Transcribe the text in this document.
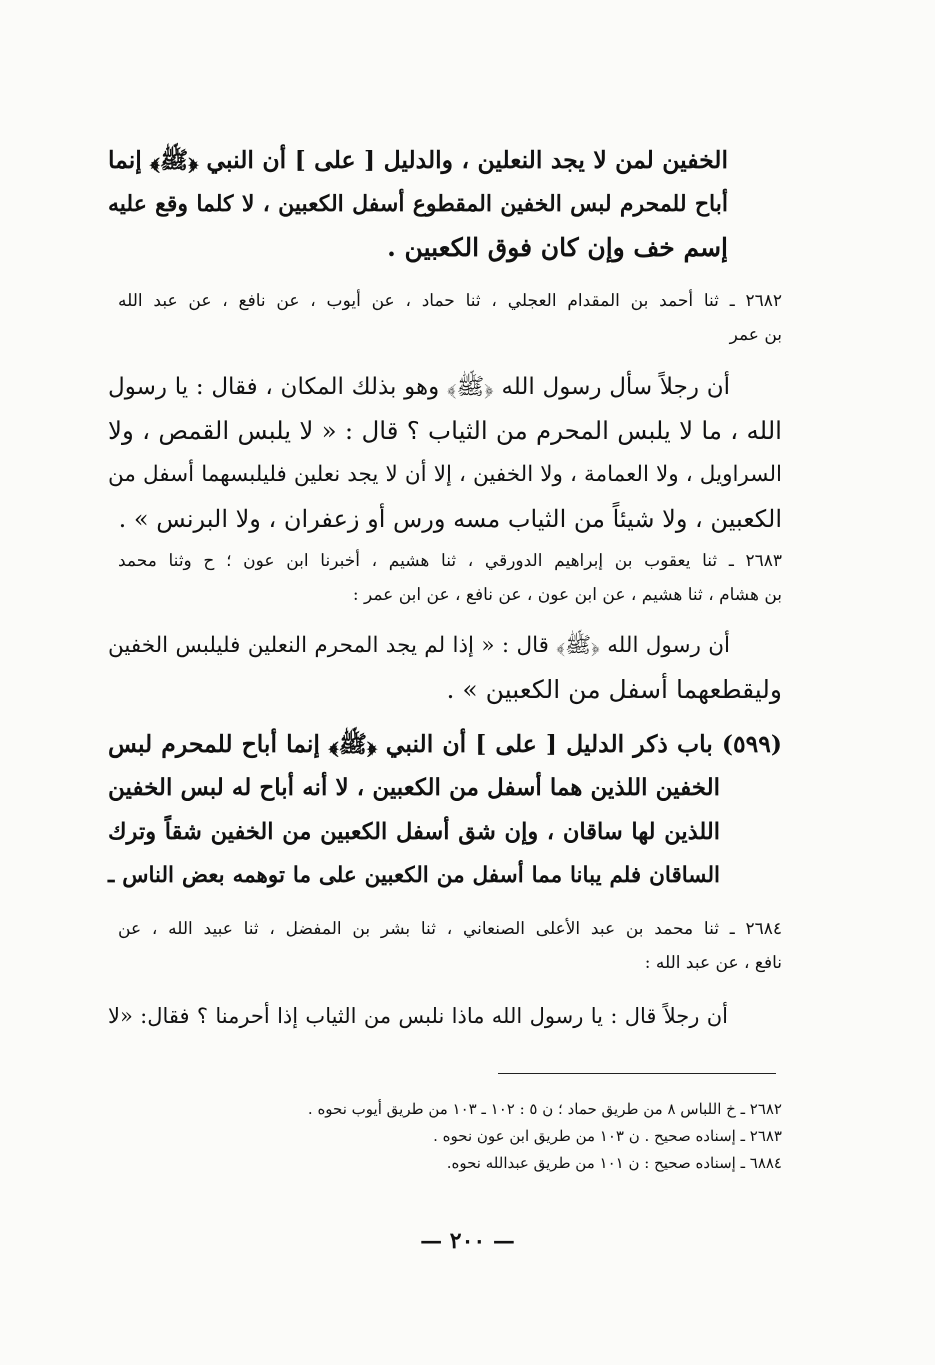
الخفين لمن لا يجد النعلين ، والدليل [ على ] أن النبي ﴿ﷺ﴾ إنما
أباح للمحرم لبس الخفين المقطوع أسفل الكعبين ، لا كلما وقع عليه
إسم خف وإن كان فوق الكعبين .
٢٦٨٢ ـ ثنا أحمد بن المقدام العجلي ، ثنا حماد ، عن أيوب ، عن نافع ، عن عبد الله
بن عمر
أن رجلاً سأل رسول الله ﴿ﷺ﴾ وهو بذلك المكان ، فقال : يا رسول
الله ، ما لا يلبس المحرم من الثياب ؟ قال : « لا يلبس القمص ، ولا
السراويل ، ولا العمامة ، ولا الخفين ، إلا أن لا يجد نعلين فليلبسهما أسفل من
الكعبين ، ولا شيئاً من الثياب مسه ورس أو زعفران ، ولا البرنس » .
٢٦٨٣ ـ ثنا يعقوب بن إبراهيم الدورقي ، ثنا هشيم ، أخبرنا ابن عون ؛ ح وثنا محمد
بن هشام ، ثنا هشيم ، عن ابن عون ، عن نافع ، عن ابن عمر :
أن رسول الله ﴿ﷺ﴾ قال : « إذا لم يجد المحرم النعلين فليلبس الخفين
وليقطعهما أسفل من الكعبين » .
(٥٩٩) باب ذكر الدليل [ على ] أن النبي ﴿ﷺ﴾ إنما أباح للمحرم لبس
الخفين اللذين هما أسفل من الكعبين ، لا أنه أباح له لبس الخفين
اللذين لها ساقان ، وإن شق أسفل الكعبين من الخفين شقاً وترك
الساقان فلم يبانا مما أسفل من الكعبين على ما توهمه بعض الناس ـ
٢٦٨٤ ـ ثنا محمد بن عبد الأعلى الصنعاني ، ثنا بشر بن المفضل ، ثنا عبيد الله ، عن
نافع ، عن عبد الله :
أن رجلاً قال : يا رسول الله ماذا نلبس من الثياب إذا أحرمنا ؟ فقال: «لا
٢٦٨٢ ـ خ اللباس ٨ من طريق حماد ؛ ن ٥ : ١٠٢ ـ ١٠٣ من طريق أيوب نحوه .
٢٦٨٣ ـ إسناده صحيح . ن ١٠٣ من طريق ابن عون نحوه .
٦٨٨٤ ـ إسناده صحيح : ن ١٠١ من طريق عبدالله نحوه.
— ٢٠٠ —
